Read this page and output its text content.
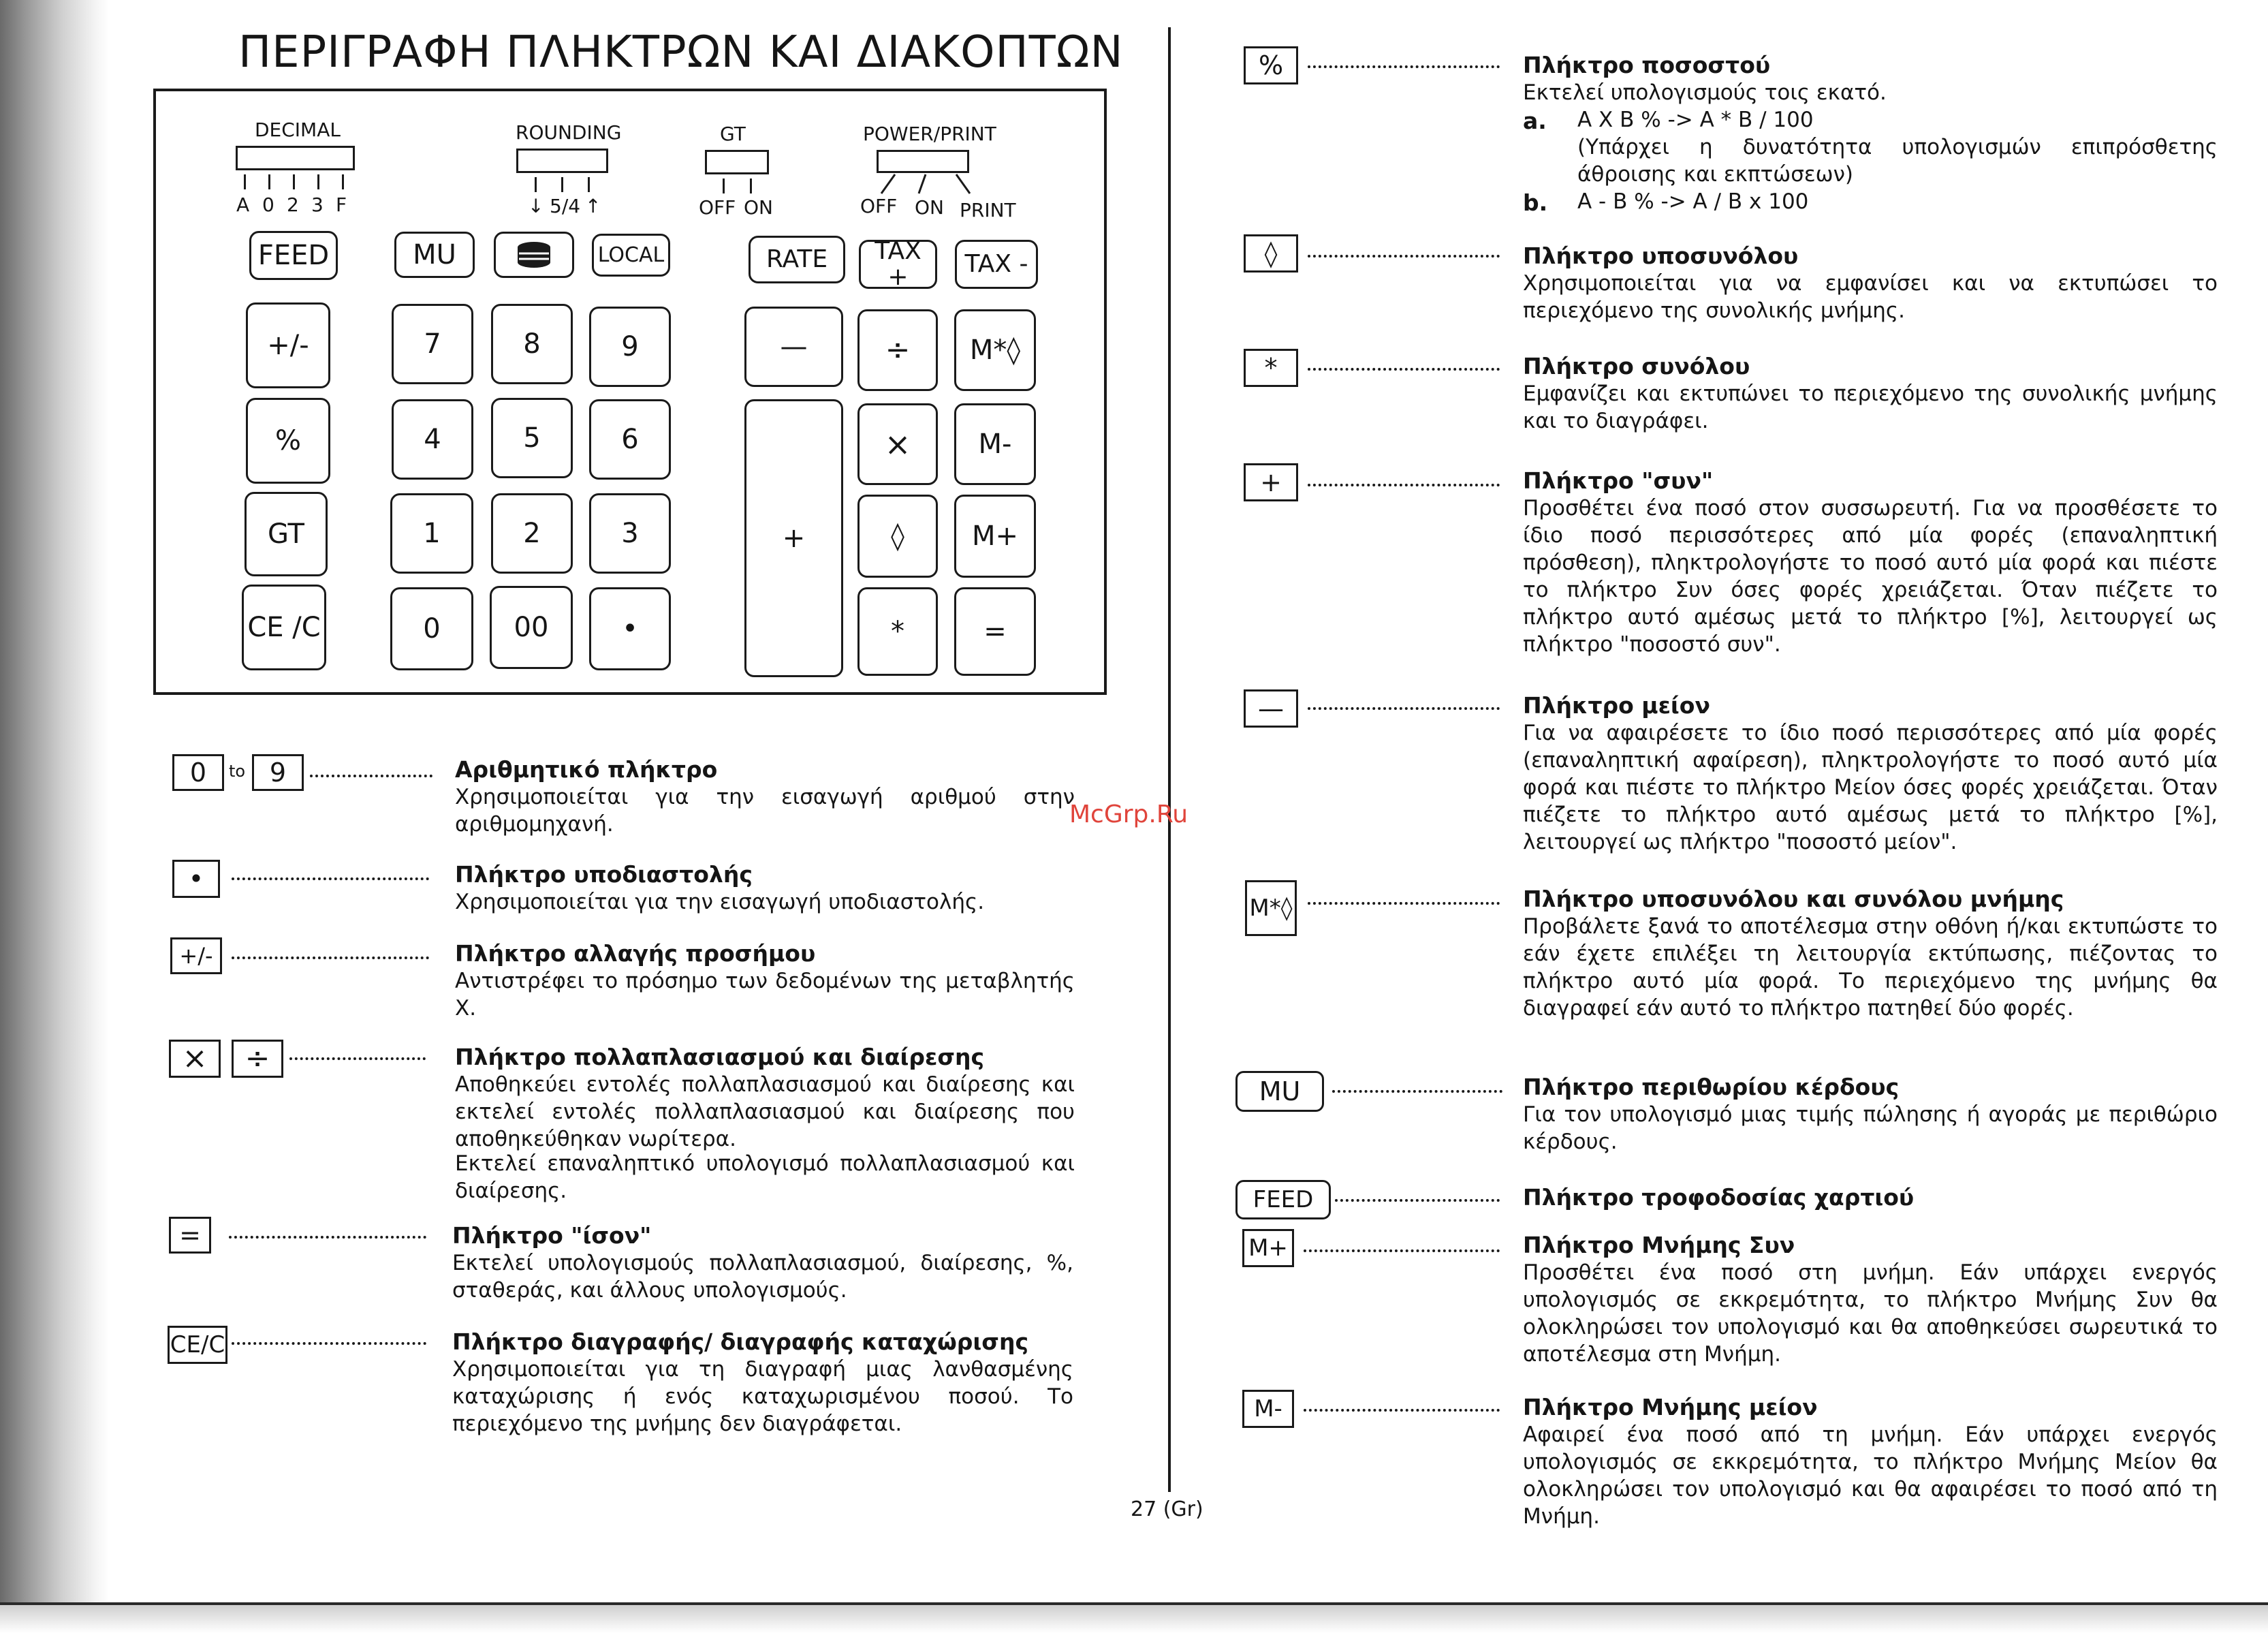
ΠΕΡΙΓΡΑΦΗ ΠΛΗΚΤΡΩΝ ΚΑΙ ΔΙΑΚΟΠΤΩΝ
DECIMAL
A 0 2 3 F
ROUNDING
↓ 5/4 ↑
GT
OFF ON
POWER/PRINT
OFF ON PRINT
FEED	MU	LOCAL	RATE	TAX +	TAX -
+/-	7	8	9	—	÷	M*◊
%	4	5	6
+
×	M-
GT	1	2	3	◊	M+
CE /C	0	00	•	*	=
0	to 9	Αριθμητικό πλήκτρο
Χρησιμοποιείται για την εισαγωγή αριθμού στην αριθμομηχανή.
•	Πλήκτρο υποδιαστολής
Χρησιμοποιείται για την εισαγωγή υποδιαστολής.
+/-	Πλήκτρο αλλαγής προσήμου
Αντιστρέφει το πρόσημο των δεδομένων της μεταβλητής Χ.
×	÷	Πλήκτρο πολλαπλασιασμού και διαίρεσης
Αποθηκεύει εντολές πολλαπλασιασμού και διαίρεσης και εκτελεί εντολές πολλαπλασιασμού και διαίρεσης που αποθηκεύθηκαν νωρίτερα.
Εκτελεί επαναληπτικό υπολογισμό πολλαπλασιασμού και διαίρεσης.
=	Πλήκτρο "ίσον"
Εκτελεί υπολογισμούς πολλαπλασιασμού, διαίρεσης, %, σταθεράς, και άλλους υπολογισμούς.
CE/C	Πλήκτρο διαγραφής/ διαγραφής καταχώρισης
Χρησιμοποιείται για τη διαγραφή μιας λανθασμένης καταχώρισης ή ενός καταχωρισμένου ποσού. Το περιεχόμενο της μνήμης δεν διαγράφεται.
McGrp.Ru
27 (Gr)
%	Πλήκτρο ποσοστού
Εκτελεί υπολογισμούς τοις εκατό.
a. A X B % -> A * B / 100
(Υπάρχει η δυνατότητα υπολογισμών επιπρόσθετης άθροισης και εκπτώσεων)
b. A - B % -> A / B x 100
◊	Πλήκτρο υποσυνόλου
Χρησιμοποιείται για να εμφανίσει και να εκτυπώσει το περιεχόμενο της συνολικής μνήμης.
*	Πλήκτρο συνόλου
Εμφανίζει και εκτυπώνει το περιεχόμενο της συνολικής μνήμης και το διαγράφει.
+	Πλήκτρο "συν"
Προσθέτει ένα ποσό στον συσσωρευτή. Για να προσθέσετε το ίδιο ποσό περισσότερες από μία φορές (επαναληπτική πρόσθεση), πληκτρολογήστε το ποσό αυτό μία φορά και πιέστε το πλήκτρο Συν όσες φορές χρειάζεται. Όταν πιέζετε το πλήκτρο αυτό αμέσως μετά το πλήκτρο [%], λειτουργεί ως πλήκτρο "ποσοστό συν".
—	Πλήκτρο μείον
Για να αφαιρέσετε το ίδιο ποσό περισσότερες από μία φορές (επαναληπτική αφαίρεση), πληκτρολογήστε το ποσό αυτό μία φορά και πιέστε το πλήκτρο Μείον όσες φορές χρειάζεται. Όταν πιέζετε το πλήκτρο αυτό αμέσως μετά το πλήκτρο [%], λειτουργεί ως πλήκτρο "ποσοστό μείον".
M*◊	Πλήκτρο υποσυνόλου και συνόλου μνήμης
Προβάλετε ξανά το αποτέλεσμα στην οθόνη ή/και εκτυπώστε το εάν έχετε επιλέξει τη λειτουργία εκτύπωσης, πιέζοντας το πλήκτρο αυτό μία φορά. Το περιεχόμενο της μνήμης θα διαγραφεί εάν αυτό το πλήκτρο πατηθεί δύο φορές.
MU	Πλήκτρο περιθωρίου κέρδους
Για τον υπολογισμό μιας τιμής πώλησης ή αγοράς με περιθώριο κέρδους.
FEED	Πλήκτρο τροφοδοσίας χαρτιού
M+	Πλήκτρο Μνήμης Συν
Προσθέτει ένα ποσό στη μνήμη. Εάν υπάρχει ενεργός υπολογισμός σε εκκρεμότητα, το πλήκτρο Μνήμης Συν θα ολοκληρώσει τον υπολογισμό και θα αποθηκεύσει σωρευτικά το αποτέλεσμα στη Μνήμη.
M-	Πλήκτρο Μνήμης μείον
Αφαιρεί ένα ποσό από τη μνήμη. Εάν υπάρχει ενεργός υπολογισμός σε εκκρεμότητα, το πλήκτρο Μνήμης Μείον θα ολοκληρώσει τον υπολογισμό και θα αφαιρέσει το ποσό από τη Μνήμη.
